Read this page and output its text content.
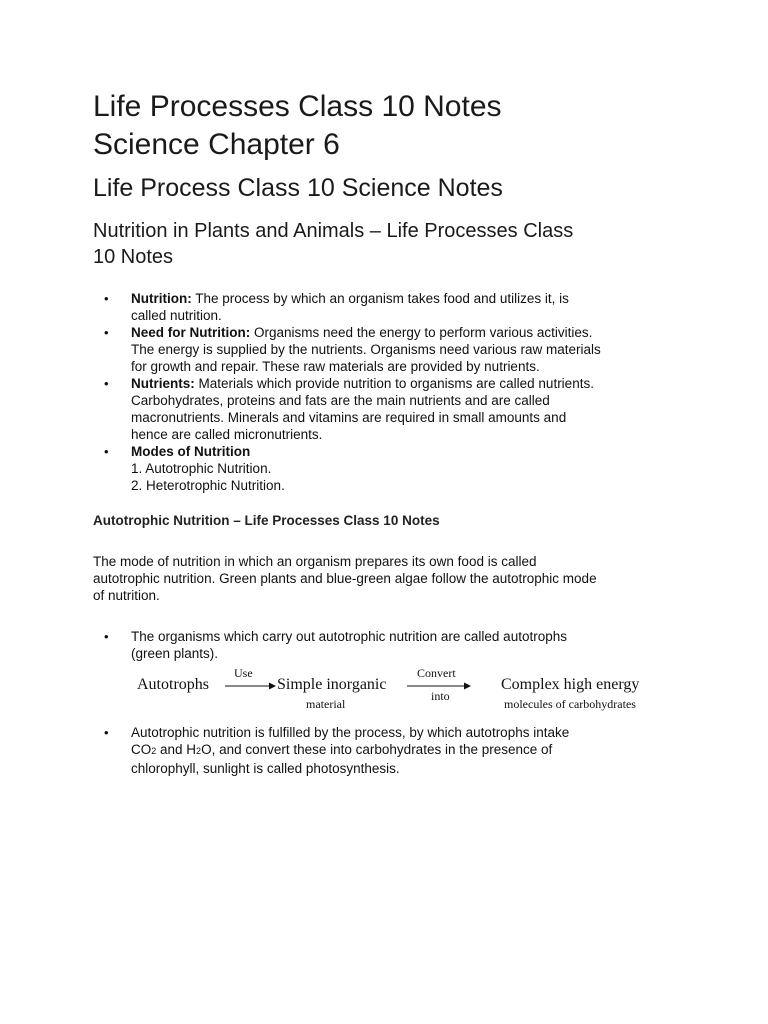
Life Processes Class 10 Notes
Science Chapter 6
Life Process Class 10 Science Notes
Nutrition in Plants and Animals – Life Processes Class
10 Notes
• Nutrition: The process by which an organism takes food and utilizes it, is
called nutrition.
• Need for Nutrition: Organisms need the energy to perform various activities.
The energy is supplied by the nutrients. Organisms need various raw materials
for growth and repair. These raw materials are provided by nutrients.
• Nutrients: Materials which provide nutrition to organisms are called nutrients.
Carbohydrates, proteins and fats are the main nutrients and are called
macronutrients. Minerals and vitamins are required in small amounts and
hence are called micronutrients.
• Modes of Nutrition
1. Autotrophic Nutrition.
2. Heterotrophic Nutrition.
Autotrophic Nutrition – Life Processes Class 10 Notes
The mode of nutrition in which an organism prepares its own food is called
autotrophic nutrition. Green plants and blue-green algae follow the autotrophic mode
of nutrition.
• The organisms which carry out autotrophic nutrition are called autotrophs
(green plants).
Autotrophs
Use
Simple inorganic
material
Convert
into
Complex high energy
molecules of carbohydrates
• Autotrophic nutrition is fulfilled by the process, by which autotrophs intake
CO2 and H2O, and convert these into carbohydrates in the presence of
chlorophyll, sunlight is called photosynthesis.
